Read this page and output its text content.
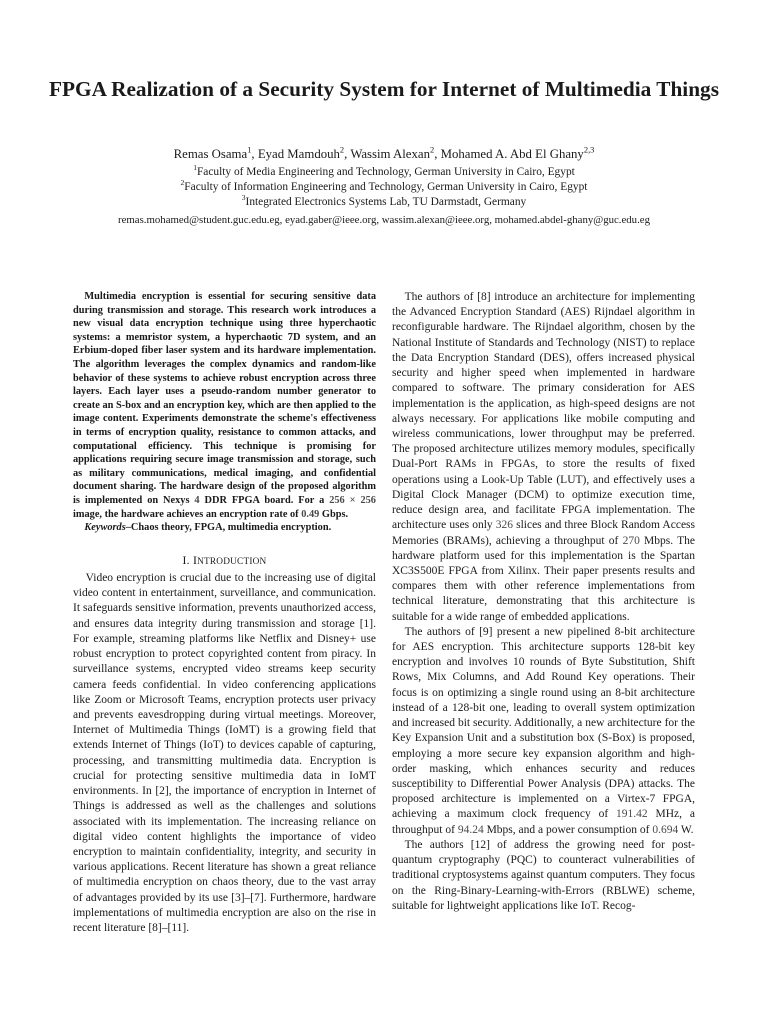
FPGA Realization of a Security System for Internet of Multimedia Things
Remas Osama$^1$, Eyad Mamdouh$^2$, Wassim Alexan$^2$, Mohamed A. Abd El Ghany$^{2,3}$
$^1$Faculty of Media Engineering and Technology, German University in Cairo, Egypt
$^2$Faculty of Information Engineering and Technology, German University in Cairo, Egypt
$^3$Integrated Electronics Systems Lab, TU Darmstadt, Germany
remas.mohamed@student.guc.edu.eg, eyad.gaber@ieee.org, wassim.alexan@ieee.org, mohamed.abdel-ghany@guc.edu.eg

Multimedia encryption is essential for securing sensitive data during transmission and storage. This research work introduces a new visual data encryption technique using three hyperchaotic systems: a memristor system, a hyperchaotic 7D system, and an Erbium-doped fiber laser system and its hardware implementation. The algorithm leverages the complex dynamics and random-like behavior of these systems to achieve robust encryption across three layers. Each layer uses a pseudo-random number generator to create an S-box and an encryption key, which are then applied to the image content. Experiments demonstrate the scheme's effectiveness in terms of encryption quality, resistance to common attacks, and computational efficiency. This technique is promising for applications requiring secure image transmission and storage, such as military communications, medical imaging, and confidential document sharing. The hardware design of the proposed algorithm is implemented on Nexys 4 DDR FPGA board. For a 256 × 256 image, the hardware achieves an encryption rate of 0.49 Gbps.

Keywords–Chaos theory, FPGA, multimedia encryption.

I. INTRODUCTION

Video encryption is crucial due to the increasing use of digital video content in entertainment, surveillance, and communication. It safeguards sensitive information, prevents unauthorized access, and ensures data integrity during transmission and storage [1]. For example, streaming platforms like Netflix and Disney+ use robust encryption to protect copyrighted content from piracy. In surveillance systems, encrypted video streams keep security camera feeds confidential. In video conferencing applications like Zoom or Microsoft Teams, encryption protects user privacy and prevents eavesdropping during virtual meetings. Moreover, Internet of Multimedia Things (IoMT) is a growing field that extends Internet of Things (IoT) to devices capable of capturing, processing, and transmitting multimedia data. Encryption is crucial for protecting sensitive multimedia data in IoMT environments. In [2], the importance of encryption in Internet of Things is addressed as well as the challenges and solutions associated with its implementation. The increasing reliance on digital video content highlights the importance of video encryption to maintain confidentiality, integrity, and security in various applications. Recent literature has shown a great reliance of multimedia encryption on chaos theory, due to the vast array of advantages provided by its use [3]–[7]. Furthermore, hardware implementations of multimedia encryption are also on the rise in recent literature [8]–[11].

The authors of [8] introduce an architecture for implementing the Advanced Encryption Standard (AES) Rijndael algorithm in reconfigurable hardware. The Rijndael algorithm, chosen by the National Institute of Standards and Technology (NIST) to replace the Data Encryption Standard (DES), offers increased physical security and higher speed when implemented in hardware compared to software. The primary consideration for AES implementation is the application, as high-speed designs are not always necessary. For applications like mobile computing and wireless communications, lower throughput may be preferred. The proposed architecture utilizes memory modules, specifically Dual-Port RAMs in FPGAs, to store the results of fixed operations using a Look-Up Table (LUT), and effectively uses a Digital Clock Manager (DCM) to optimize execution time, reduce design area, and facilitate FPGA implementation. The architecture uses only 326 slices and three Block Random Access Memories (BRAMs), achieving a throughput of 270 Mbps. The hardware platform used for this implementation is the Spartan XC3S500E FPGA from Xilinx. Their paper presents results and compares them with other reference implementations from technical literature, demonstrating that this architecture is suitable for a wide range of embedded applications.

The authors of [9] present a new pipelined 8-bit architecture for AES encryption. This architecture supports 128-bit key encryption and involves 10 rounds of Byte Substitution, Shift Rows, Mix Columns, and Add Round Key operations. Their focus is on optimizing a single round using an 8-bit architecture instead of a 128-bit one, leading to overall system optimization and increased bit security. Additionally, a new architecture for the Key Expansion Unit and a substitution box (S-Box) is proposed, employing a more secure key expansion algorithm and high-order masking, which enhances security and reduces susceptibility to Differential Power Analysis (DPA) attacks. The proposed architecture is implemented on a Virtex-7 FPGA, achieving a maximum clock frequency of 191.42 MHz, a throughput of 94.24 Mbps, and a power consumption of 0.694 W.

The authors [12] of address the growing need for post-quantum cryptography (PQC) to counteract vulnerabilities of traditional cryptosystems against quantum computers. They focus on the Ring-Binary-Learning-with-Errors (RBLWE) scheme, suitable for lightweight applications like IoT. Recog-
